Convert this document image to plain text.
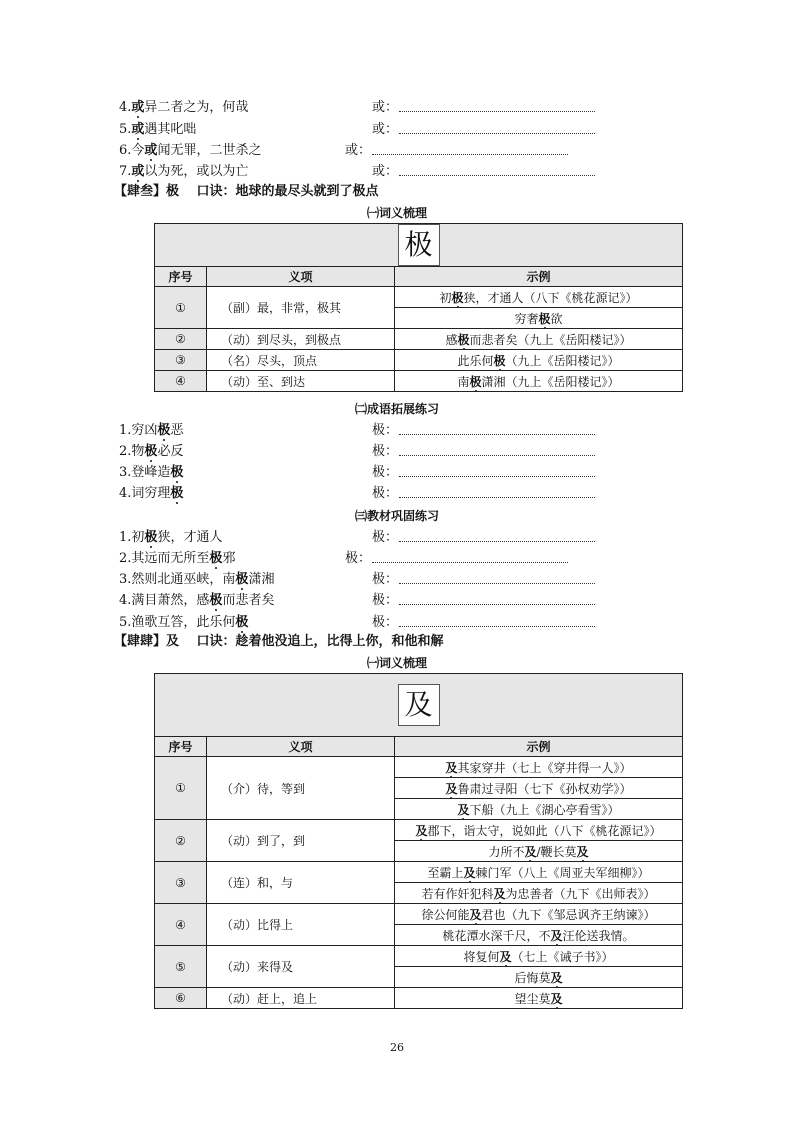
4.或异二者之为，何哉	或：
5.或遇其叱咄	或：
6.今或闻无罪，二世杀之	或：
7.或以为死，或以为亡	或：
【肆叁】极　 口诀：地球的最尽头就到了极点
㈠词义梳理
极		
序号	义项	示例
①	（副）最，非常，极其	初极狭，才通人（八下《桃花源记》）
		穷奢极欲
②	（动）到尽头，到极点	感极而悲者矣（九上《岳阳楼记》）
③	（名）尽头，顶点	此乐何极（九上《岳阳楼记》）
④	（动）至、到达	南极潇湘（九上《岳阳楼记》）
㈡成语拓展练习
1.穷凶极恶	极：
2.物极必反	极：
3.登峰造极	极：
4.词穷理极	极：
㈢教材巩固练习
1.初极狭，才通人	极：
2.其远而无所至极邪	极：
3.然则北通巫峡，南极潇湘	极：
4.满目萧然，感极而悲者矣	极：
5.渔歌互答，此乐何极	极：
【肆肆】及　 口诀：趁着他没追上，比得上你，和他和解
㈠词义梳理
及		
序号	义项	示例
①	（介）待，等到	及其家穿井（七上《穿井得一人》）
		及鲁肃过寻阳（七下《孙权劝学》）
		及下船（九上《湖心亭看雪》）
②	（动）到了，到	及郡下，诣太守，说如此（八下《桃花源记》）
		力所不及/鞭长莫及
③	（连）和，与	至霸上及棘门军（八上《周亚夫军细柳》）
		若有作奸犯科及为忠善者（九下《出师表》）
④	（动）比得上	徐公何能及君也（九下《邹忌讽齐王纳谏》）
		桃花潭水深千尺，不及汪伦送我情。
⑤	（动）来得及	将复何及（七上《诫子书》）
		后悔莫及
⑥	（动）赶上，追上	望尘莫及
26
